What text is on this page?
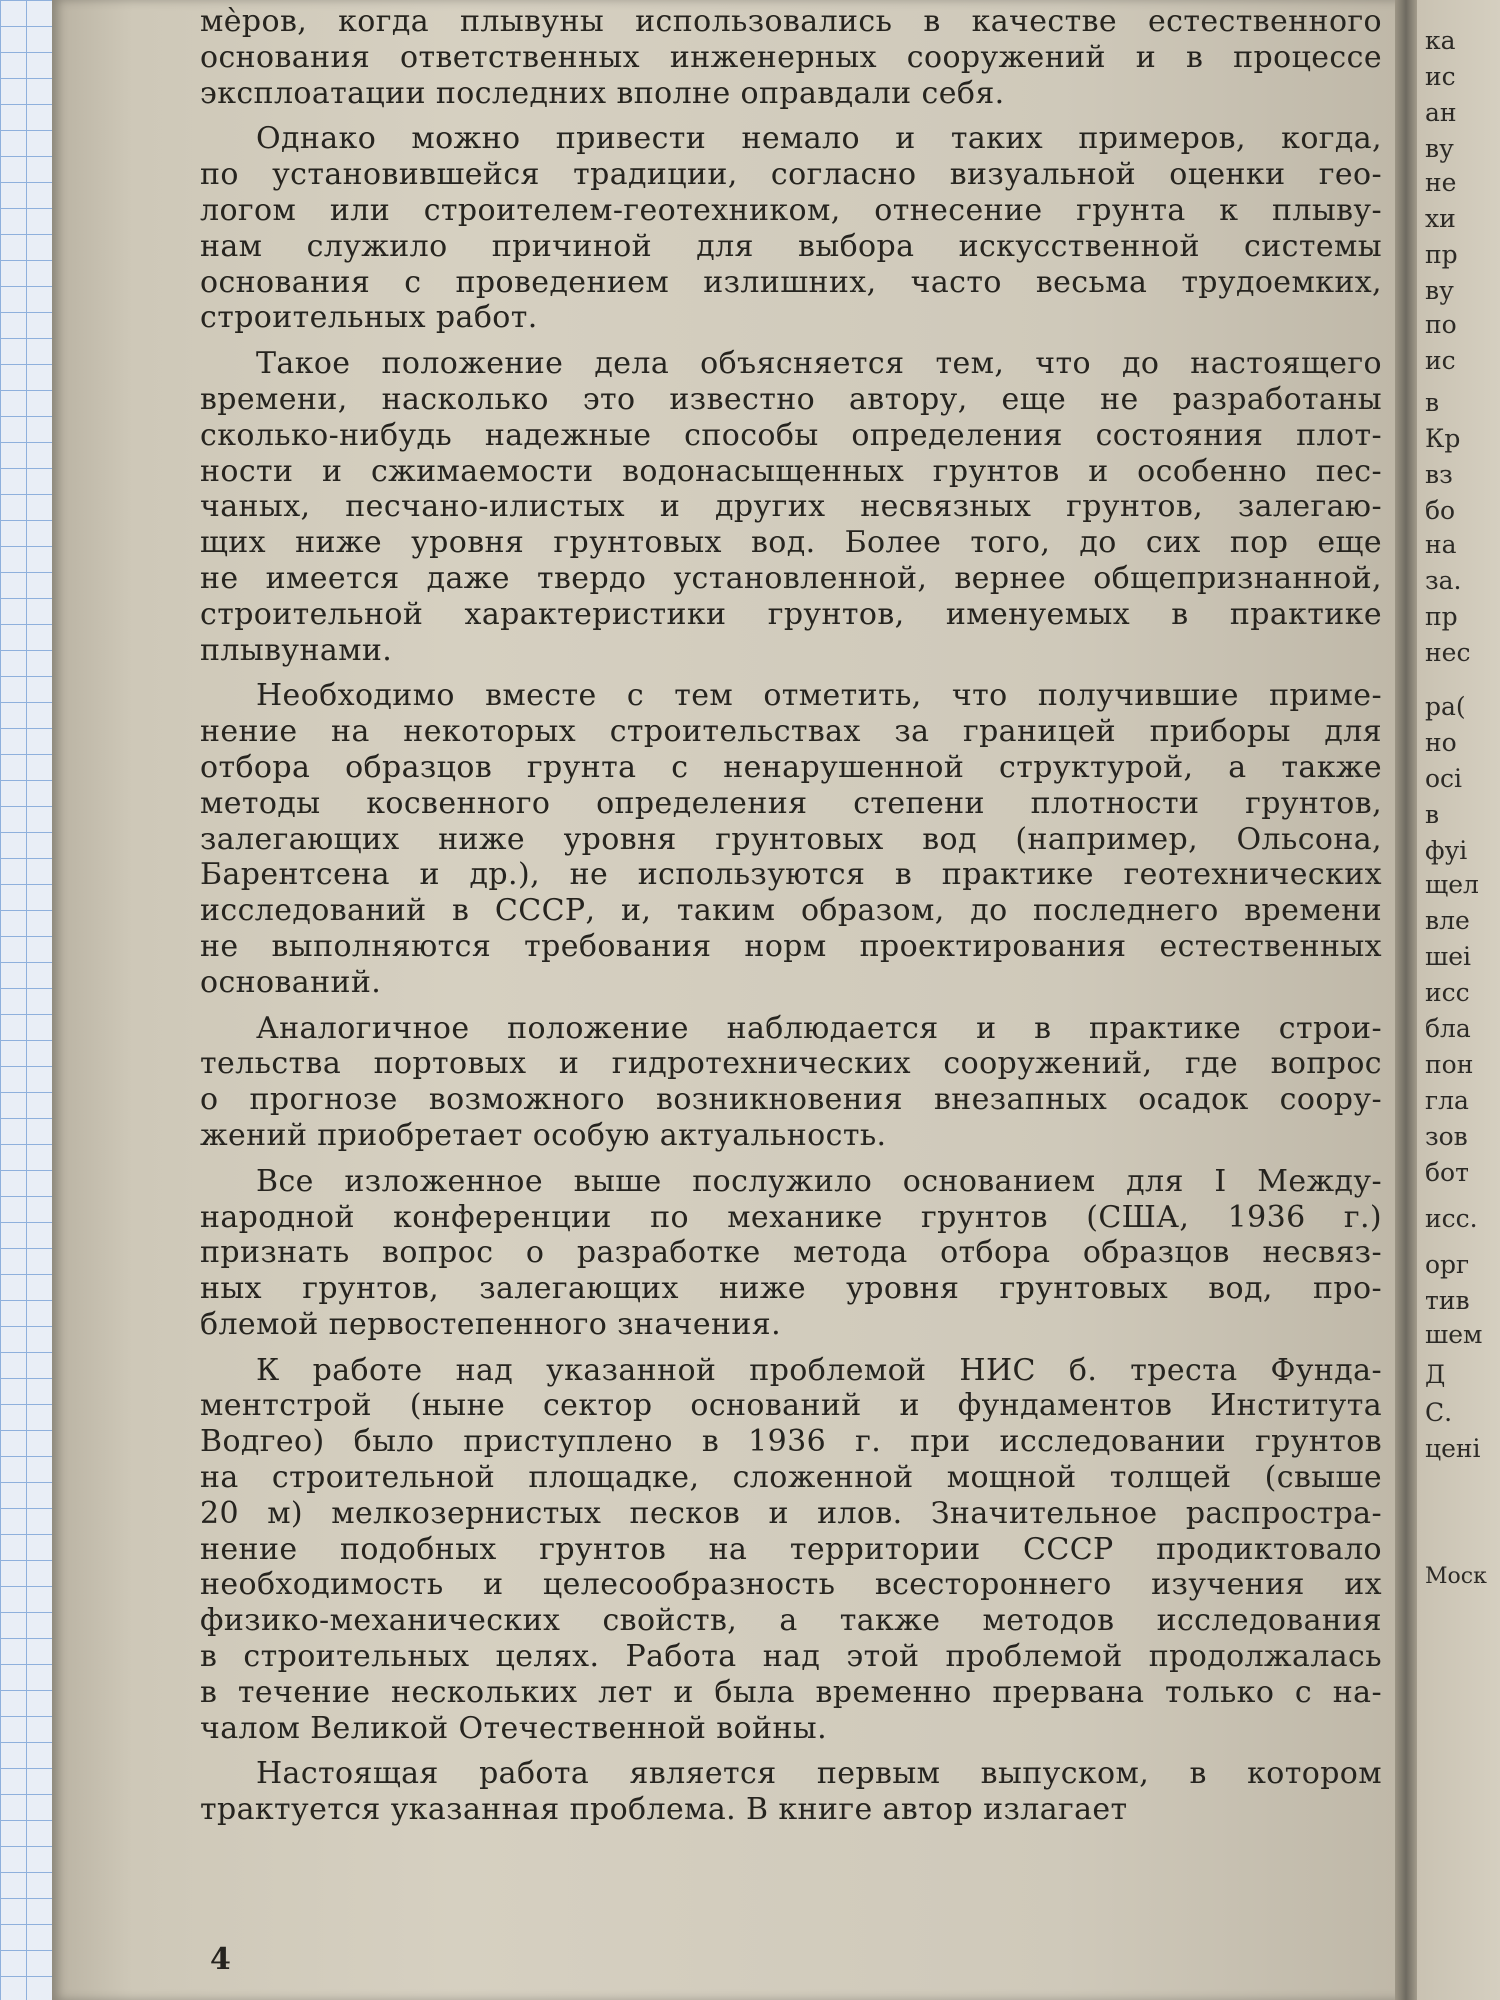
ка
ис
ан
ву
не
хи
пр
ву
по
ис
в
Кр
вз
бо
на
за.
пр
нес
ра(
но
осі
в
фуі
щел
вле
шеі
исс
бла
пон
гла
зов
бот
исс.
орг
тив
шем
Д
С.
цені
Моск
мѐров, когда плывуны использовались в качестве естественного
основания ответственных инженерных сооружений и в процессе
эксплоатации последних вполне оправдали себя.
Однако можно привести немало и таких примеров, когда,
по установившейся традиции, согласно визуальной оценки гео-
логом или строителем-геотехником, отнесение грунта к плыву-
нам служило причиной для выбора искусственной системы
основания с проведением излишних, часто весьма трудоемких,
строительных работ.
Такое положение дела объясняется тем, что до настоящего
времени, насколько это известно автору, еще не разработаны
сколько-нибудь надежные способы определения состояния плот-
ности и сжимаемости водонасыщенных грунтов и особенно пес-
чаных, песчано-илистых и других несвязных грунтов, залегаю-
щих ниже уровня грунтовых вод. Более того, до сих пор еще
не имеется даже твердо установленной, вернее общепризнанной,
строительной характеристики грунтов, именуемых в практике
плывунами.
Необходимо вместе с тем отметить, что получившие приме-
нение на некоторых строительствах за границей приборы для
отбора образцов грунта с ненарушенной структурой, а также
методы косвенного определения степени плотности грунтов,
залегающих ниже уровня грунтовых вод (например, Ольсона,
Барентсена и др.), не используются в практике геотехнических
исследований в СССР, и, таким образом, до последнего времени
не выполняются требования норм проектирования естественных
оснований.
Аналогичное положение наблюдается и в практике строи-
тельства портовых и гидротехнических сооружений, где вопрос
о прогнозе возможного возникновения внезапных осадок соору-
жений приобретает особую актуальность.
Все изложенное выше послужило основанием для I Между-
народной конференции по механике грунтов (США, 1936 г.)
признать вопрос о разработке метода отбора образцов несвяз-
ных грунтов, залегающих ниже уровня грунтовых вод, про-
блемой первостепенного значения.
К работе над указанной проблемой НИС б. треста Фунда-
ментстрой (ныне сектор оснований и фундаментов Института
Водгео) было приступлено в 1936 г. при исследовании грунтов
на строительной площадке, сложенной мощной толщей (свыше
20 м) мелкозернистых песков и илов. Значительное распростра-
нение подобных грунтов на территории СССР продиктовало
необходимость и целесообразность всестороннего изучения их
физико-механических свойств, а также методов исследования
в строительных целях. Работа над этой проблемой продолжалась
в течение нескольких лет и была временно прервана только с на-
чалом Великой Отечественной войны.
Настоящая работа является первым выпуском, в котором
трактуется указанная проблема. В книге автор излагает
4
